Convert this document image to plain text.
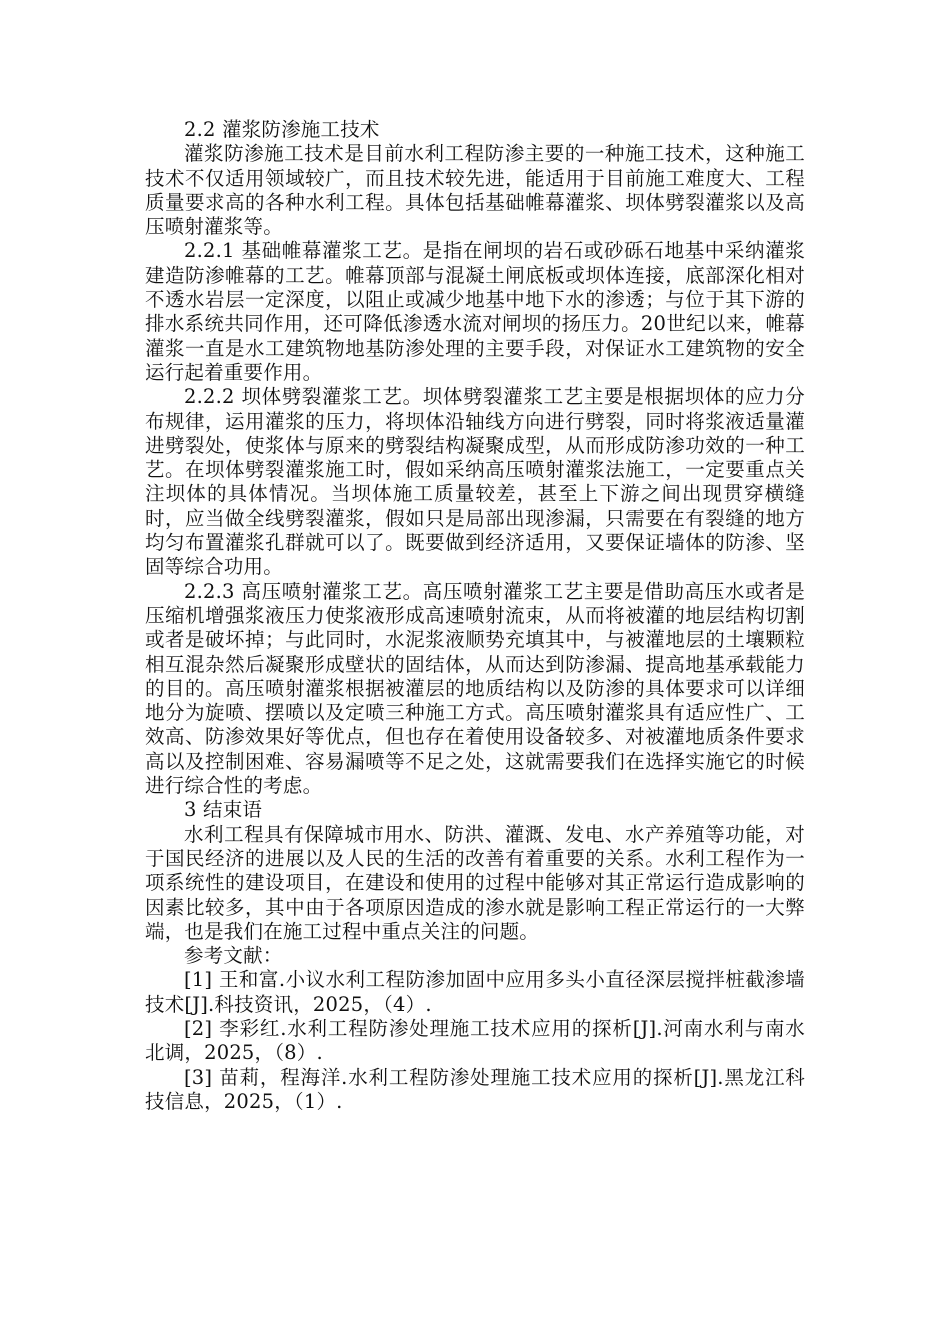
2.2 灌浆防渗施工技术

灌浆防渗施工技术是目前水利工程防渗主要的一种施工技术，这种施工技术不仅适用领域较广，而且技术较先进，能适用于目前施工难度大、工程质量要求高的各种水利工程。具体包括基础帷幕灌浆、坝体劈裂灌浆以及高压喷射灌浆等。

2.2.1 基础帷幕灌浆工艺。是指在闸坝的岩石或砂砾石地基中采纳灌浆建造防渗帷幕的工艺。帷幕顶部与混凝土闸底板或坝体连接，底部深化相对不透水岩层一定深度，以阻止或减少地基中地下水的渗透；与位于其下游的排水系统共同作用，还可降低渗透水流对闸坝的扬压力。20世纪以来，帷幕灌浆一直是水工建筑物地基防渗处理的主要手段，对保证水工建筑物的安全运行起着重要作用。

2.2.2 坝体劈裂灌浆工艺。坝体劈裂灌浆工艺主要是根据坝体的应力分布规律，运用灌浆的压力，将坝体沿轴线方向进行劈裂，同时将浆液适量灌进劈裂处，使浆体与原来的劈裂结构凝聚成型，从而形成防渗功效的一种工艺。在坝体劈裂灌浆施工时，假如采纳高压喷射灌浆法施工，一定要重点关注坝体的具体情况。当坝体施工质量较差，甚至上下游之间出现贯穿横缝时，应当做全线劈裂灌浆，假如只是局部出现渗漏，只需要在有裂缝的地方均匀布置灌浆孔群就可以了。既要做到经济适用，又要保证墙体的防渗、坚固等综合功用。

2.2.3 高压喷射灌浆工艺。高压喷射灌浆工艺主要是借助高压水或者是压缩机增强浆液压力使浆液形成高速喷射流束，从而将被灌的地层结构切割或者是破坏掉；与此同时，水泥浆液顺势充填其中，与被灌地层的土壤颗粒相互混杂然后凝聚形成壁状的固结体，从而达到防渗漏、提高地基承载能力的目的。高压喷射灌浆根据被灌层的地质结构以及防渗的具体要求可以详细地分为旋喷、摆喷以及定喷三种施工方式。高压喷射灌浆具有适应性广、工效高、防渗效果好等优点，但也存在着使用设备较多、对被灌地质条件要求高以及控制困难、容易漏喷等不足之处，这就需要我们在选择实施它的时候进行综合性的考虑。

3 结束语

水利工程具有保障城市用水、防洪、灌溉、发电、水产养殖等功能，对于国民经济的进展以及人民的生活的改善有着重要的关系。水利工程作为一项系统性的建设项目，在建设和使用的过程中能够对其正常运行造成影响的因素比较多，其中由于各项原因造成的渗水就是影响工程正常运行的一大弊端，也是我们在施工过程中重点关注的问题。

参考文献：

[1] 王和富.小议水利工程防渗加固中应用多头小直径深层搅拌桩截渗墙技术[J].科技资讯，2025，（4）.

[2] 李彩红.水利工程防渗处理施工技术应用的探析[J].河南水利与南水北调，2025，（8）.

[3] 苗莉，程海洋.水利工程防渗处理施工技术应用的探析[J].黑龙江科技信息，2025，（1）.
